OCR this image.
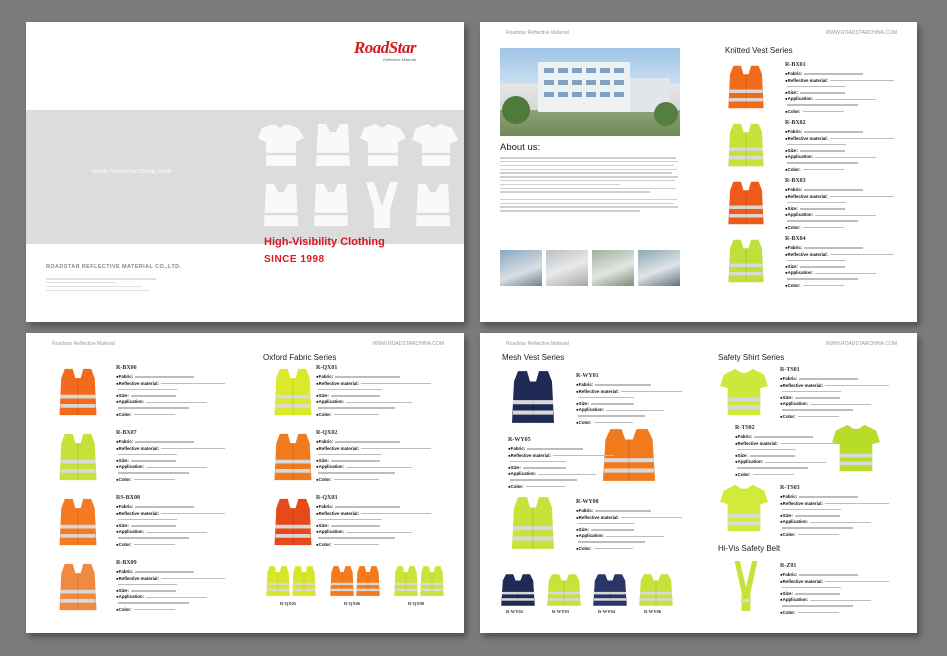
RoadStar
Reflective Material
www.roadstarchina.com
High-Visibility Clothing
SINCE 1998
ROADSTAR REFLECTIVE MATERIAL CO.,LTD.
Roadstar Reflective Material	WWW.ROADSTARCHINA.COM
About us:
Knitted Vest Series
R-BX01
●Fabric:
●Reflective material:
●Size:
●Application:
●Color:
R-BX02
●Fabric:
●Reflective material:
●Size:
●Application:
●Color:
R-BX03
●Fabric:
●Reflective material:
●Size:
●Application:
●Color:
R-BX04
●Fabric:
●Reflective material:
●Size:
●Application:
●Color:
Roadstar Reflective Material	WWW.ROADSTARCHINA.COM
Oxford Fabric Series
R-BX06
●Fabric:
●Reflective material:
●Size:
●Application:
●Color:
R-BX07
●Fabric:
●Reflective material:
●Size:
●Application:
●Color:
RS-BX08
●Fabric:
●Reflective material:
●Size:
●Application:
●Color:
R-BX09
●Fabric:
●Reflective material:
●Size:
●Application:
●Color:
R-QX01
●Fabric:
●Reflective material:
●Size:
●Application:
●Color:
R-QX02
●Fabric:
●Reflective material:
●Size:
●Application:
●Color:
R-QX03
●Fabric:
●Reflective material:
●Size:
●Application:
●Color:
R-QX05	R-QX06	R-QX08
Roadstar Reflective Material	WWW.ROADSTARCHINA.COM
Mesh Vest Series	Safety Shirt Series
Hi-Vis Safety Belt
R-WY01
●Fabric:
●Reflective material:
●Size:
●Application:
●Color:
R-WY05
●Fabric:
●Reflective material:
●Size:
●Application:
●Color:
R-WY08
●Fabric:
●Reflective material:
●Size:
●Application:
●Color:
R-WY02	R-WY03	R-WY04	R-WY06
R-TS01
●Fabric:
●Reflective material:
●Size:
●Application:
●Color:
R-TS02
●Fabric:
●Reflective material:
●Size:
●Application:
●Color:
R-TS03
●Fabric:
●Reflective material:
●Size:
●Application:
●Color:
R-Z01
●Fabric:
●Reflective material:
●Size:
●Application:
●Color:
